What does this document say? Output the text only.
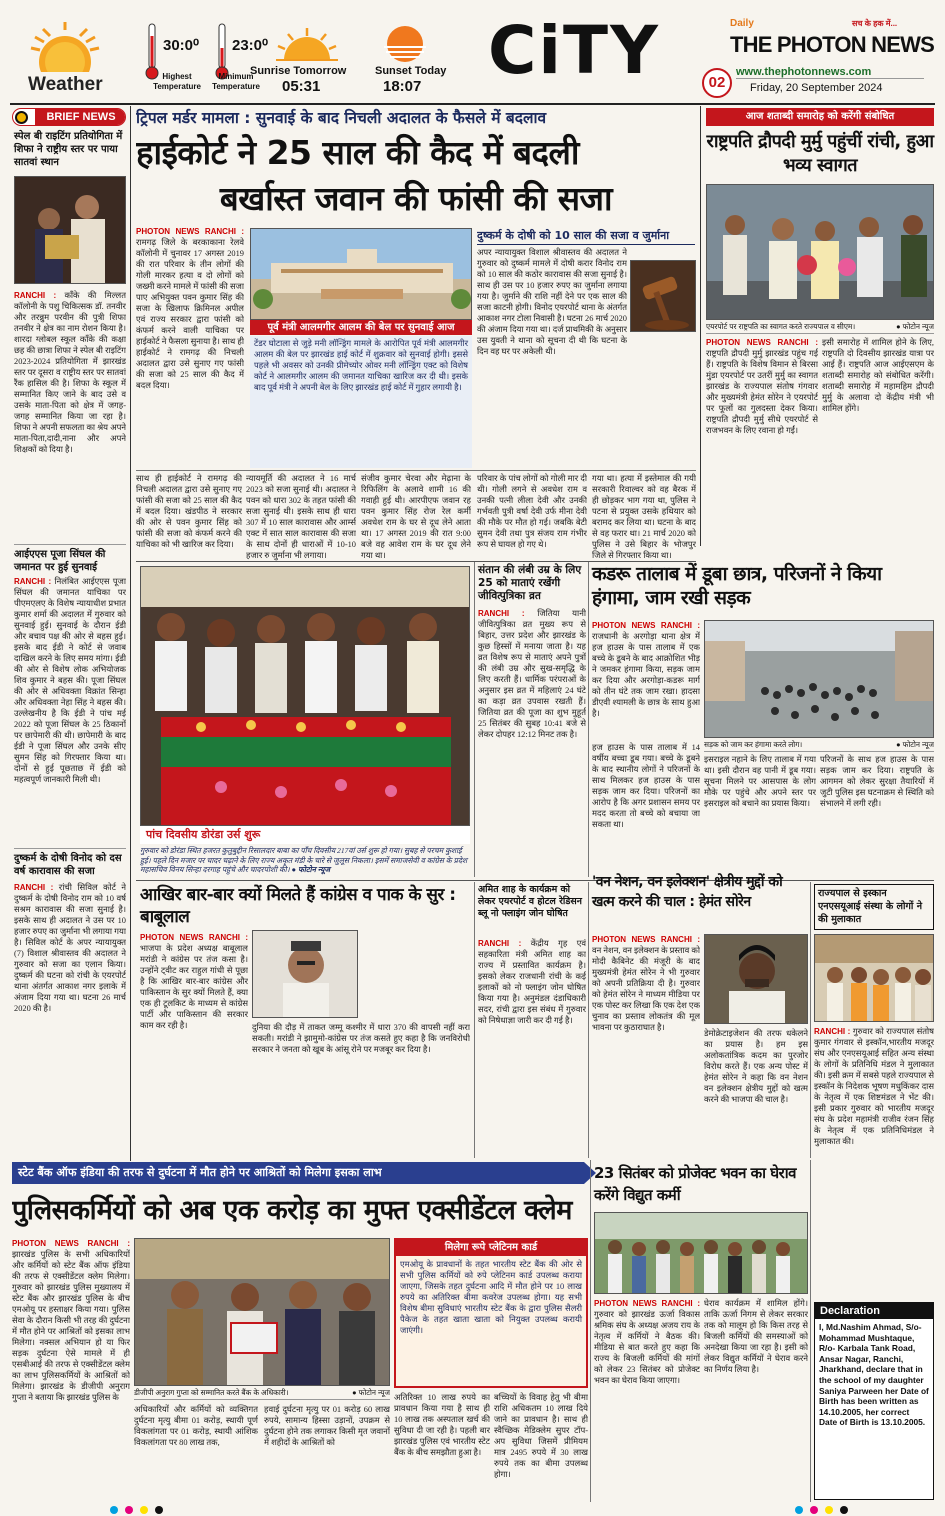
Weather
30:0⁰
Highest
Temperature
23:0⁰
Minimum
Temperature
Sunrise Tomorrow
05:31
Sunset Today
18:07 CiTY	Daily	सच के हक में...
THE PHOTON NEWS
02
www.thephotonnews.com
Friday, 20 September 2024
BRIEF NEWS
स्पेल बी राइटिंग प्रतियोगिता में शिफा ने राष्ट्रीय स्तर पर पाया सातवां स्थान
RANCHI : काँके की मिल्लत कॉलोनी के पशु चिकित्सक डॉ. तनवीर और तरन्नुम परवीन की पुत्री शिफा तनवीर ने क्षेत्र का नाम रोशन किया है। शारदा ग्लोबल स्कूल काँके की कक्षा छह की छात्रा शिफा ने स्पेल बी राइटिंग 2023-2024 प्रतियोगिता में झारखंड स्तर पर दूसरा व राष्ट्रीय स्तर पर सातवां रैंक हासिल की है। शिफा के स्कूल में सम्मानित किए जाने के बाद उसे व उसके माता-पिता को क्षेत्र में जगह-जगह सम्मानित किया जा रहा है। शिफा ने अपनी सफलता का श्रेय अपने माता-पिता,दादी,नाना और अपने शिक्षकों को दिया है।
आईएएस पूजा सिंघल की जमानत पर हुई सुनवाई
RANCHI : निलंबित आईएएस पूजा सिंघल की जमानत याचिका पर पीएमएलए के विशेष न्यायाधीश प्रभात कुमार शर्मा की अदालत में गुरुवार को सुनवाई हुई। सुनवाई के दौरान ईडी और बचाव पक्ष की ओर से बहस हुई। इसके बाद ईडी ने कोर्ट से जवाब दाखिल करने के लिए समय मांगा। ईडी की ओर से विशेष लोक अभियोजक शिव कुमार ने बहस की। पूजा सिंघल की ओर से अधिवक्ता विक्रांत सिन्हा और अधिवक्ता नेहा सिंह ने बहस की। उल्लेखनीय है कि ईडी ने पांच मई 2022 को पूजा सिंघल के 25 ठिकानों पर छापेमारी की थी। छापेमारी के बाद ईडी ने पूजा सिंघल और उनके सीए सुमन सिंह को गिरफ्तार किया था। दोनों से हुई पूछताछ में ईडी को महत्वपूर्ण जानकारी मिली थी।
दुष्कर्म के दोषी विनोद को दस वर्ष कारावास की सजा
RANCHI : रांची सिविल कोर्ट ने दुष्कर्म के दोषी विनोद राम को 10 वर्ष सश्रम कारावास की सजा सुनाई है। इसके साथ ही अदालत ने उस पर 10 हजार रुपए का जुर्माना भी लगाया गया है। सिविल कोर्ट के अपर न्यायायुक्त (7) विशाल श्रीवास्तव की अदालत ने गुरुवार को सजा का एलान किया। दुष्कर्म की घटना को रांची के एयरपोर्ट थाना अंतर्गत आकाश नगर इलाके में अंजाम दिया गया था। घटना 26 मार्च 2020 की है।
ट्रिपल मर्डर मामला : सुनवाई के बाद निचली अदालत के फैसले में बदलाव
हाईकोर्ट ने 25 साल की कैद में बदली
बर्खास्त जवान की फांसी की सजा
PHOTON NEWS RANCHI : रामगढ़ जिले के बरकाकाना रेलवे कॉलोनी में चुनावर 17 अगस्त 2019 की रात परिवार के तीन लोगों की गोली मारकर हत्या व दो लोगों को जख्मी करने मामले में फांसी की सजा पाए अभियुक्त पवन कुमार सिंह की सजा के खिलाफ क्रिमिनल अपील एवं राज्य सरकार द्वारा फांसी को कंफर्म करने वाली याचिका पर हाईकोर्ट ने फैसला सुनाया है। साथ ही हाईकोर्ट ने रामगढ़ की निचली अदालत द्वारा उसे सुनाए गए फांसी की सजा को 25 साल की कैद में बदल दिया।
पूर्व मंत्री आलमगीर आलम की बेल पर सुनवाई आज
टेंडर घोटाला से जुड़े मनी लॉन्ड्रिंग मामले के आरोपित पूर्व मंत्री आलमगीर आलम की बेल पर झारखंड हाई कोर्ट में शुक्रवार को सुनवाई होगी। इससे पहले भी अवसर को उनकी प्रीमेच्योर ओवर मनी लॉन्ड्रिंग एक्ट को विशेष कोर्ट ने आलमगीर आलम की जमानत याचिका खारिज कर दी थी। इसके बाद पूर्व मंत्री ने अपनी बेल के लिए झारखंड हाई कोर्ट में गुहार लगायी है।
दुष्कर्म के दोषी को 10 साल की सजा व जुर्माना
अपर न्यायायुक्त विशाल श्रीवास्तव की अदालत ने गुरुवार को दुष्कर्म मामले में दोषी करार विनोद राम को 10 साल की कठोर कारावास की सजा सुनाई है। साथ ही उस पर 10 हजार रुपए का जुर्माना लगाया गया है। जुर्माने की राशि नहीं देने पर एक साल की सजा काटनी होगी। विनोद एयरपोर्ट थाना के अंतर्गत आकाश नगर टोला निवासी है। घटना 26 मार्च 2020 की अंजाम दिया गया था। दर्ज प्राथमिकी के अनुसार उस युवती ने थाना को सूचना दी थी कि घटना के दिन वह घर पर अकेली थी।
न्यायमूर्ति की अदालत ने 16 मार्च 2023 को सजा सुनाई थी। अदालत ने पवन को धारा 302 के तहत फांसी की सजा सुनाई थी। इसके साथ ही धारा 307 में 10 साल कारावास और आर्म्स एक्ट में सात साल कारावास की सजा के साथ दोनों ही धाराओं में 10-10 हजार रु जुर्माना भी लगाया।
संजीव कुमार चेरवा और मेढ़ाना के रिफिलिंग के अलावे शामी 16 की गवाही हुई थी। आरपीएफ जवान रह पवन कुमार सिंह रोज रेल कर्मी अवधेश राम के घर से दूध लेने आता था। 17 अगस्त 2019 की रात 9:00 बजे वह आवेश राम के घर दूध लेने गया था।
परिवार के पांच लोगों को गोली मार दी थी। गोली लगने से अवधेश राम व उनकी पत्नी लीला देवी और उनकी गर्भवती पुत्री वर्षा देवी उर्फ मीना देवी की मौके पर मौत हो गई। जबकि बेटी सुमन देवी तथा पुत्र संजय राम गंभीर रूप से घायल हो गए थे।
गया था। हत्या में इस्तेमाल की गयी सरकारी रिवाल्वर को वह बैरक में ही छोड़कर भाग गया था, पुलिस ने पटना से प्रयुक्त उसके हथियार को बरामद कर लिया था। घटना के बाद से वह फरार था। 21 मार्च 2020 को पुलिस ने उसे बिहार के भोजपुर जिले से गिरफ्तार किया था।
साथ ही हाईकोर्ट ने रामगढ़ की निचली अदालत द्वारा उसे सुनाए गए फांसी की सजा को 25 साल की कैद में बदल दिया। खंडपीठ ने सरकार की ओर से पवन कुमार सिंह को फांसी की सजा को कंफर्म करने की याचिका को भी खारिज कर दिया।
आज शताब्दी समारोह को करेंगी संबोधित
राष्ट्रपति द्रौपदी मुर्मु पहुंचीं रांची, हुआ भव्य स्वागत
एयरपोर्ट पर राष्ट्रपति का स्वागत करते राज्यपाल व सीएम।	● फोटोन न्यूज
PHOTON NEWS RANCHI : राष्ट्रपति द्रौपदी मुर्मु झारखंड पहुंच गई हैं। राष्ट्रपति के विशेष विमान से बिरसा मुंडा एयरपोर्ट पर उतरीं मुर्मु का स्वागत झारखंड के राज्यपाल संतोष गंगवार और मुख्यमंत्री हेमंत सोरेन ने एयरपोर्ट पर फूलों का गुलदस्ता देकर किया। राष्ट्रपति द्रौपदी मुर्मु सीधे एयरपोर्ट से राजभवन के लिए रवाना हो गईं।
इसी समारोह में शामिल होने के लिए, राष्ट्रपति दो दिवसीय झारखंड यात्रा पर आई हैं। राष्ट्रपति आज आईएसएम के शताब्दी समारोह को संबोधित करेंगी। शताब्दी समारोह में महामहिम द्रौपदी मुर्मु के अलावा दो केंद्रीय मंत्री भी शामिल होंगे।
पांच दिवसीय डोरंडा उर्स शुरू
गुरुवार को डोरंडा स्थित हजरत कुतुबुद्दीन रिसालदार बाबा का पाँच दिवसीय 217वां उर्स शुरू हो गया। सुबह से परचम कुशाई हुई। पहले दिन मजार पर चादर चढ़ाने के लिए राज्य अकृत मंडी के चारे से जुलूस निकला। इसमें समाजसेवी व कांग्रेस के प्रदेश महासचिव विनय सिन्हा दरगाह पहुंचे और चादरपोशी की। ● फोटोन न्यूज
संतान की लंबी उम्र के लिए 25 को माताएं रखेंगी जीवित्पुत्रिका व्रत
RANCHI : जितिया यानी जीवित्पुत्रिका व्रत मुख्य रूप से बिहार, उत्तर प्रदेश और झारखंड के कुछ हिस्सों में मनाया जाता है। यह व्रत विशेष रूप से माताएं अपने पुत्रों की लंबी उम्र और सुख-समृद्धि के लिए करती हैं। धार्मिक परंपराओं के अनुसार इस व्रत में महिलाएं 24 घंटे का कड़ा व्रत उपवास रखती हैं। जितिया व्रत की पूजा का शुभ मुहूर्त 25 सितंबर की सुबह 10:41 बजे से लेकर दोपहर 12:12 मिनट तक है।
कडरू तालाब में डूबा छात्र, परिजनों ने किया हंगामा, जाम रखी सड़क
PHOTON NEWS RANCHI : राजधानी के अरगोड़ा थाना क्षेत्र में हज हाउस के पास तालाब में एक बच्चे के डूबने के बाद आक्रोशित भीड़ ने जमकर हंगामा किया, सड़क जाम कर दिया और अरगोड़ा-कडरू मार्ग को तीन घंटे तक जाम रखा। हादसा डीएवी श्यामली के छात्र के साथ हुआ है।
सड़क को जाम कर हंगामा करते लोग।	● फोटोन न्यूज
इसराइल नहाने के लिए तालाब में गया था। इसी दौरान वह पानी में डूब गया। सूचना मिलने पर आसपास के लोग मौके पर पहुंचे और अपने स्तर पर इसराइल को बचाने का प्रयास किया।
परिजनों के साथ हज हाउस के पास सड़क जाम कर दिया। राष्ट्रपति के आगमन को लेकर सुरक्षा तैयारियों में जुटी पुलिस इस घटनाक्रम से स्थिति को संभालने में लगी रही।
हज हाउस के पास तालाब में 14 वर्षीय बच्चा डूब गया। बच्चे के डूबने के बाद स्थानीय लोगों ने परिजनों के साथ मिलकर हज हाउस के पास सड़क जाम कर दिया। परिजनों का आरोप है कि अगर प्रशासन समय पर मदद करता तो बच्चे को बचाया जा सकता था।
आखिर बार-बार क्यों मिलते हैं कांग्रेस व पाक के सुर : बाबूलाल
PHOTON NEWS RANCHI : भाजपा के प्रदेश अध्यक्ष बाबूलाल मरांडी ने कांग्रेस पर तंज कसा है। उन्होंने ट्वीट कर राहुल गांधी से पूछा है कि आखिर बार-बार कांग्रेस और पाकिस्तान के सुर क्यों मिलते हैं, क्या एक ही टूलकिट के माध्यम से कांग्रेस पार्टी और पाकिस्तान की सरकार काम कर रही है।	दुनिया की दौड़ में ताकत जम्मू कश्मीर में धारा 370 की वापसी नहीं करा सकती। मरांडी ने झामुमो-कांग्रेस पर तंज कसते हुए कहा है कि जनविरोधी सरकार ने जनता को खूब के आंसू रोने पर मजबूर कर दिया है।
अमित शाह के कार्यक्रम को लेकर एयरपोर्ट व होटल रेडिसन ब्लू नो फ्लाइंग जोन घोषित
RANCHI : केंद्रीय गृह एवं सहकारिता मंत्री अमित शाह का राज्य में प्रस्तावित कार्यक्रम है। इसको लेकर राजधानी रांची के कई इलाकों को नो फ्लाइंग जोन घोषित किया गया है। अनुमंडल दंडाधिकारी सदर, रांची द्वारा इस संबंध में गुरुवार को निषेधाज्ञा जारी कर दी गई है।
'वन नेशन, वन इलेक्शन' क्षेत्रीय मुद्दों को खत्म करने की चाल : हेमंत सोरेन
PHOTON NEWS RANCHI : वन नेशन, वन इलेक्शन के प्रस्ताव को मोदी कैबिनेट की मंजूरी के बाद मुख्यमंत्री हेमंत सोरेन ने भी गुरुवार को अपनी प्रतिक्रिया दी है। गुरुवार को हेमंत सोरेन ने माध्यम मीडिया पर एक पोस्ट कर लिखा कि एक देश एक चुनाव का प्रस्ताव लोकतंत्र की मूल भावना पर कुठाराघात है।
डेमोक्रेटाइजेशन की तरफ धकेलने का प्रयास है। हम इस अलोकतांत्रिक कदम का पुरजोर विरोध करते हैं। एक अन्य पोस्ट में हेमंत सोरेन ने कहा कि वन नेशन वन इलेक्शन क्षेत्रीय मुद्दों को खत्म करने की भाजपा की चाल है।
राज्यपाल से इस्कान एनएसयूआई संस्था के लोगों ने की मुलाकात
RANCHI : गुरुवार को राज्यपाल संतोष कुमार गंगवार से इस्कॉन,भारतीय मजदूर संघ और एनएसयूआई सहित अन्य संस्था के लोगों के प्रतिनिधि मंडल ने मुलाकात की। इसी क्रम में सबसे पहले राज्यपाल से इस्कॉन के निदेशक भूषण मधुकिंकर दास के नेतृत्व में एक शिष्टमंडल ने भेंट की। इसी प्रकार गुरुवार को भारतीय मजदूर संघ के प्रदेश महामंत्री राजीव रंजन सिंह के नेतृत्व में एक प्रतिनिधिमंडल ने मुलाकात की।
स्टेट बैंक ऑफ इंडिया की तरफ से दुर्घटना में मौत होने पर आश्रितों को मिलेगा इसका लाभ
पुलिसकर्मियों को अब एक करोड़ का मुफ्त एक्सीडेंटल क्लेम
PHOTON NEWS RANCHI : झारखंड पुलिस के सभी अधिकारियों और कर्मियों को स्टेट बैंक ऑफ इंडिया की तरफ से एक्सीडेंटल क्लेम मिलेगा। गुरुवार को झारखंड पुलिस मुख्यालय में स्टेट बैंक और झारखंड पुलिस के बीच एमओयू पर हस्ताक्षर किया गया। पुलिस सेवा के दौरान किसी भी तरह की दुर्घटना में मौत होने पर आश्रितों को इसका लाभ मिलेगा। नक्सल अभियान हो या फिर सड़क दुर्घटना ऐसे मामले में ही एसबीआई की तरफ से एक्सीडेंटल क्लेम का लाभ पुलिसकर्मियों के आश्रितों को मिलेगा। झारखंड के डीजीपी अनुराग गुप्ता ने बताया कि झारखंड पुलिस के
डीजीपी अनुराग गुप्ता को सम्मानित करते बैंक के अधिकारी।	● फोटोन न्यूज
अधिकारियों और कर्मियों को व्यक्तिगत दुर्घटना मृत्यु बीमा 01 करोड़, स्थायी पूर्ण विकलांगता पर 01 करोड़, स्थायी आंशिक विकलांगता पर 80 लाख तक,
हवाई दुर्घटना मृत्यु पर 01 करोड़ 60 लाख रुपये, सामान्य हिस्सा उड़ानों, उपक्रम से दुर्घटना होने तक लगाकर किसी मृत जवानों में शहीदों के आश्रितों को
मिलेगा रूपे प्लेटिनम कार्ड
एमओयू के प्रावधानों के तहत भारतीय स्टेट बैंक की ओर से सभी पुलिस कर्मियों को रुपे प्लेटिनम कार्ड उपलब्ध कराया जाएगा, जिसके तहत दुर्घटना आदि में मौत होने पर 10 लाख रुपये का अतिरिक्त बीमा कवरेज उपलब्ध होगा। यह सभी विशेष बीमा सुविधाएं भारतीय स्टेट बैंक के द्वारा पुलिस सैलरी पैकेज के तहत खाता खाता को नियुक्त उपलब्ध करायी जाएंगी।
अतिरिक्त 10 लाख रुपये का प्रावधान किया गया है साथ ही 10 लाख तक अस्पताल खर्च की सुविधा दी जा रही है। पहली बार झारखंड पुलिस एवं भारतीय स्टेट बैंक के बीच समझौता हुआ है।
बच्चियों के विवाह हेतु भी बीमा राशि अधिकतम 10 लाख दिये जाने का प्रावधान है। साथ ही स्वैच्छिक मेडिक्लेम सुपर टॉप-अप सुविधा जिसमें प्रीमियम मात्र 2495 रुपये में 30 लाख रुपये तक का बीमा उपलब्ध होगा।
23 सितंबर को प्रोजेक्ट भवन का घेराव करेंगे विद्युत कर्मी
PHOTON NEWS RANCHI : गुरुवार को झारखंड ऊर्जा विकास श्रमिक संघ के अध्यक्ष अजय राय के नेतृत्व में कर्मियों ने बैठक की। मीडिया से बात करते हुए कहा कि राज्य के बिजली कर्मियों की मांगों को लेकर 23 सितंबर को प्रोजेक्ट भवन का घेराव किया जाएगा।
घेराव कार्यक्रम में शामिल होंगे। ताकि ऊर्जा निगम से लेकर सरकार तक को मालूम हो कि किस तरह से बिजली कर्मियों की समस्याओं को अनदेखा किया जा रहा है। इसी को लेकर विद्युत कर्मियों ने घेराव करने का निर्णय लिया है।
Declaration
I, Md.Nashim Ahmad, S/o- Mohammad Mushtaque, R/o- Karbala Tank Road, Ansar Nagar, Ranchi, Jharkhand, declare that in the school of my daughter Saniya Parween her Date of Birth has been written as 14.10.2005, her correct Date of Birth is 13.10.2005.
